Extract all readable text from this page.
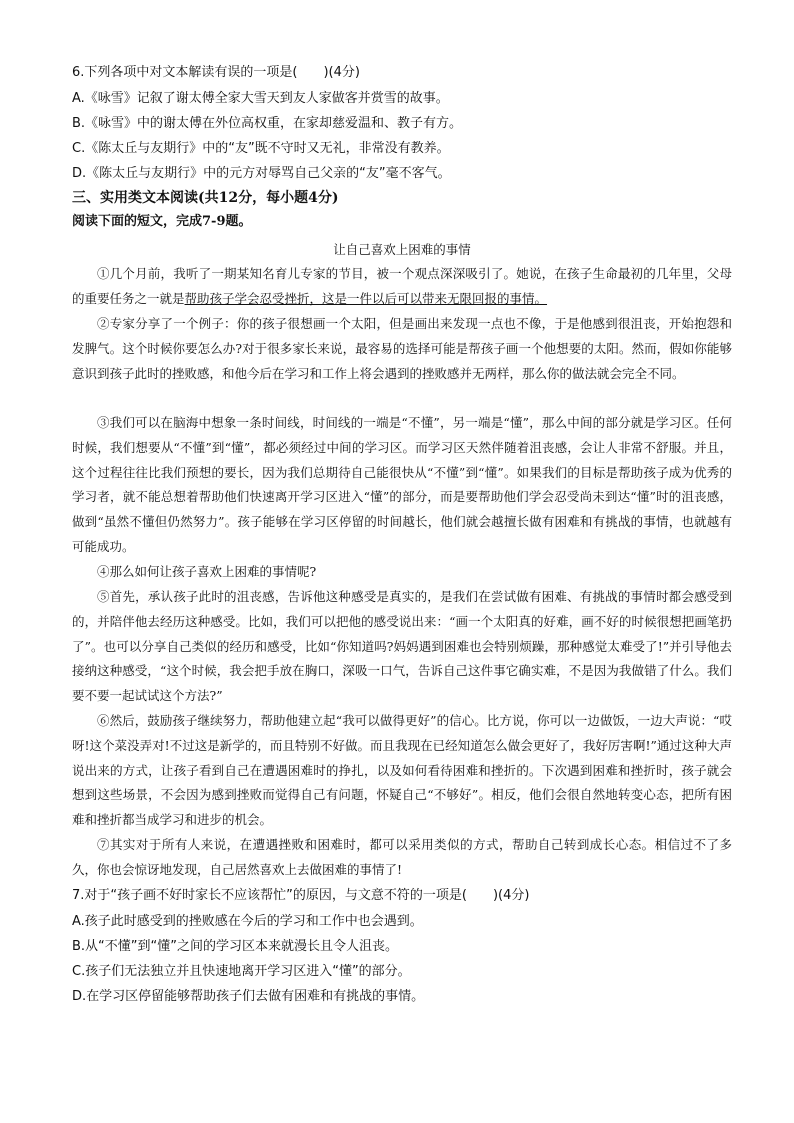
6.下列各项中对文本解读有误的一项是(　　)(4分)
A.《咏雪》记叙了谢太傅全家大雪天到友人家做客并赏雪的故事。
B.《咏雪》中的谢太傅在外位高权重，在家却慈爱温和、教子有方。
C.《陈太丘与友期行》中的“友”既不守时又无礼，非常没有教养。
D.《陈太丘与友期行》中的元方对辱骂自己父亲的“友”毫不客气。
三、实用类文本阅读(共12分，每小题4分)
阅读下面的短文，完成7-9题。
让自己喜欢上困难的事情
①几个月前，我听了一期某知名育儿专家的节目，被一个观点深深吸引了。她说，在孩子生命最初的几年里，父母的重要任务之一就是帮助孩子学会忍受挫折，这是一件以后可以带来无限回报的事情。
②专家分享了一个例子：你的孩子很想画一个太阳，但是画出来发现一点也不像，于是他感到很沮丧，开始抱怨和发脾气。这个时候你要怎么办?对于很多家长来说，最容易的选择可能是帮孩子画一个他想要的太阳。然而，假如你能够意识到孩子此时的挫败感，和他今后在学习和工作上将会遇到的挫败感并无两样，那么你的做法就会完全不同。
③我们可以在脑海中想象一条时间线，时间线的一端是“不懂”，另一端是“懂”，那么中间的部分就是学习区。任何时候，我们想要从“不懂”到“懂”，都必须经过中间的学习区。而学习区天然伴随着沮丧感，会让人非常不舒服。并且，这个过程往往比我们预想的要长，因为我们总期待自己能很快从“不懂”到“懂”。如果我们的目标是帮助孩子成为优秀的学习者，就不能总想着帮助他们快速离开学习区进入“懂”的部分，而是要帮助他们学会忍受尚未到达“懂”时的沮丧感，做到“虽然不懂但仍然努力”。孩子能够在学习区停留的时间越长，他们就会越擅长做有困难和有挑战的事情，也就越有可能成功。
④那么如何让孩子喜欢上困难的事情呢?
⑤首先，承认孩子此时的沮丧感，告诉他这种感受是真实的，是我们在尝试做有困难、有挑战的事情时都会感受到的，并陪伴他去经历这种感受。比如，我们可以把他的感受说出来：“画一个太阳真的好难，画不好的时候很想把画笔扔了”。也可以分享自己类似的经历和感受，比如“你知道吗?妈妈遇到困难也会特别烦躁，那种感觉太难受了!”并引导他去接纳这种感受，“这个时候，我会把手放在胸口，深吸一口气，告诉自己这件事它确实难，不是因为我做错了什么。我们要不要一起试试这个方法?”
⑥然后，鼓励孩子继续努力，帮助他建立起“我可以做得更好”的信心。比方说，你可以一边做饭，一边大声说：“哎呀!这个菜没弄对!不过这是新学的，而且特别不好做。而且我现在已经知道怎么做会更好了，我好厉害啊!”通过这种大声说出来的方式，让孩子看到自己在遭遇困难时的挣扎，以及如何看待困难和挫折的。下次遇到困难和挫折时，孩子就会想到这些场景，不会因为感到挫败而觉得自己有问题，怀疑自己“不够好”。相反，他们会很自然地转变心态，把所有困难和挫折都当成学习和进步的机会。
⑦其实对于所有人来说，在遭遇挫败和困难时，都可以采用类似的方式，帮助自己转到成长心态。相信过不了多久，你也会惊讶地发现，自己居然喜欢上去做困难的事情了!
7.对于“孩子画不好时家长不应该帮忙”的原因，与文意不符的一项是(　　)(4分)
A.孩子此时感受到的挫败感在今后的学习和工作中也会遇到。
B.从“不懂”到“懂”之间的学习区本来就漫长且令人沮丧。
C.孩子们无法独立并且快速地离开学习区进入“懂”的部分。
D.在学习区停留能够帮助孩子们去做有困难和有挑战的事情。
